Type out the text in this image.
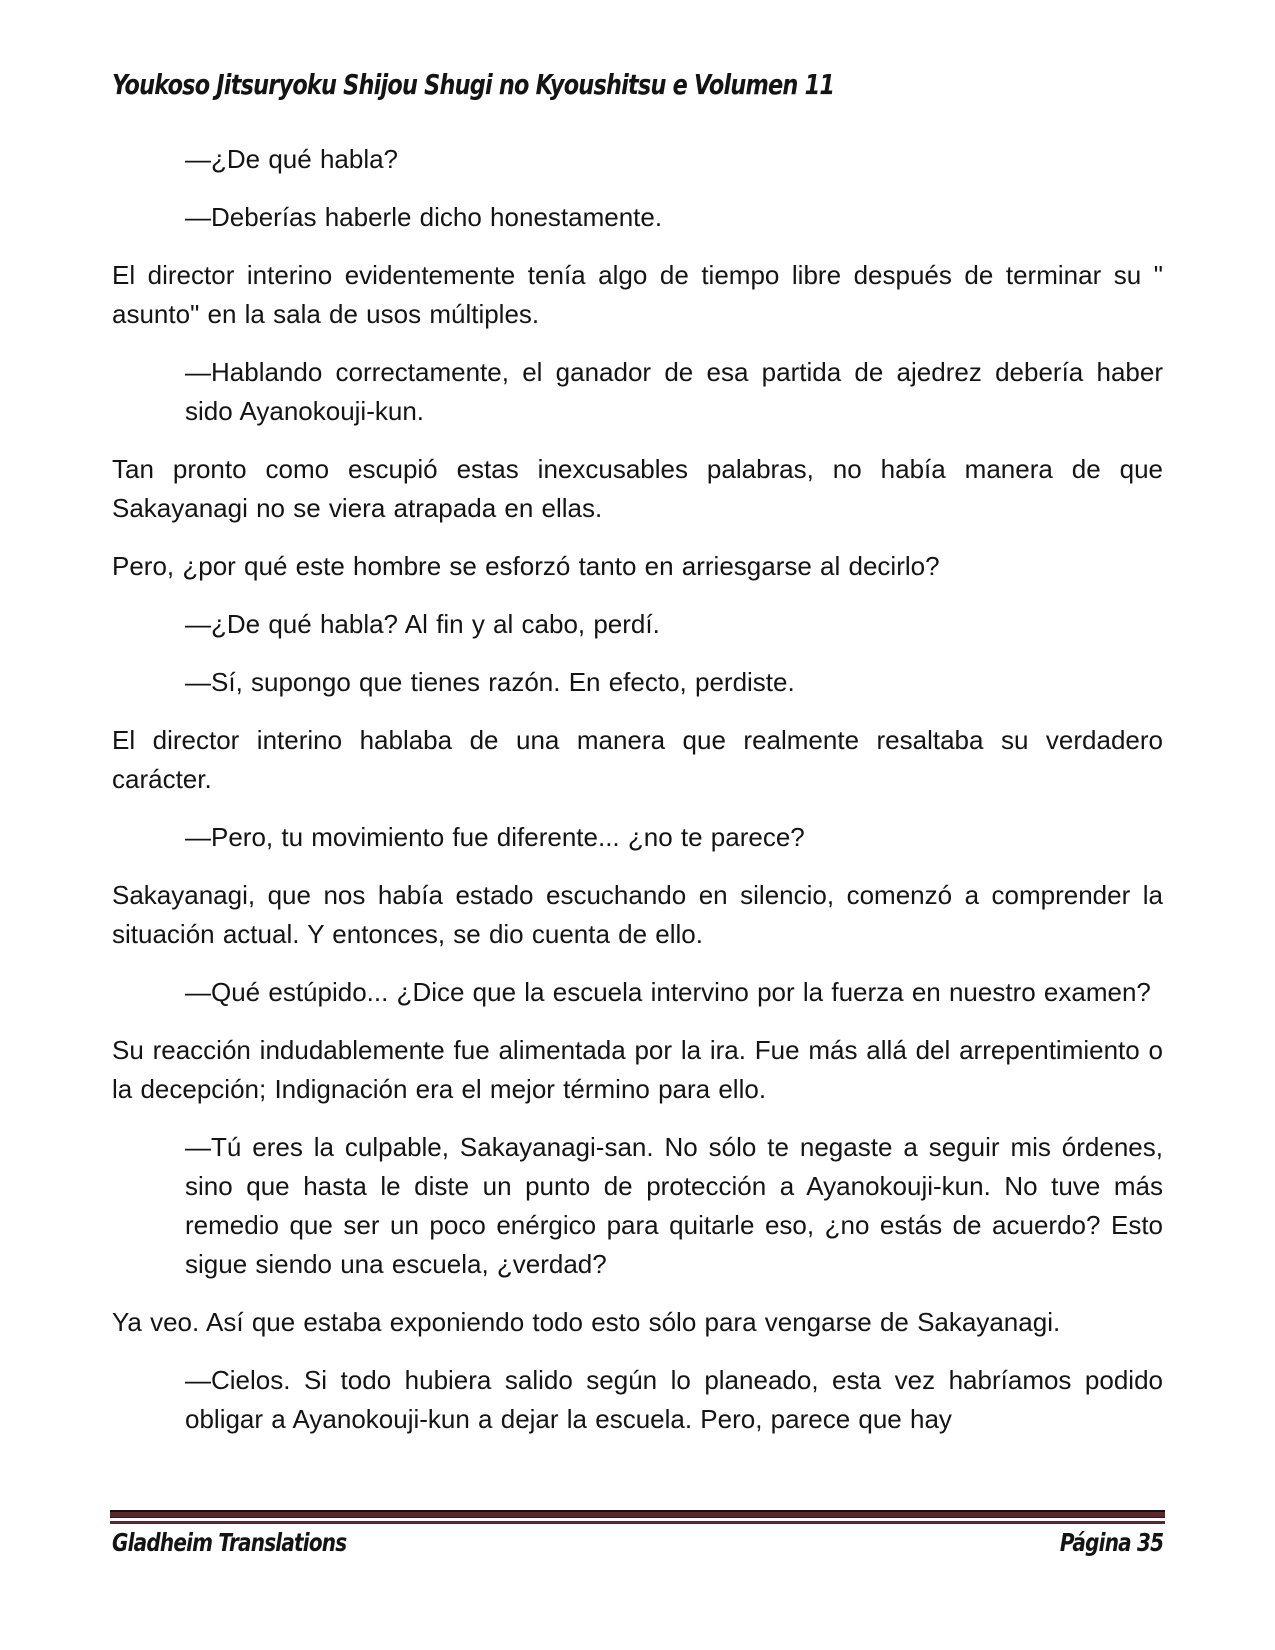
Youkoso Jitsuryoku Shijou Shugi no Kyoushitsu e Volumen 11

—¿De qué habla?

—Deberías haberle dicho honestamente.

El director interino evidentemente tenía algo de tiempo libre después de terminar su " asunto" en la sala de usos múltiples.

—Hablando correctamente, el ganador de esa partida de ajedrez debería haber sido Ayanokouji-kun.

Tan pronto como escupió estas inexcusables palabras, no había manera de que Sakayanagi no se viera atrapada en ellas.

Pero, ¿por qué este hombre se esforzó tanto en arriesgarse al decirlo?

—¿De qué habla? Al fin y al cabo, perdí.

—Sí, supongo que tienes razón. En efecto, perdiste.

El director interino hablaba de una manera que realmente resaltaba su verdadero carácter.

—Pero, tu movimiento fue diferente... ¿no te parece?

Sakayanagi, que nos había estado escuchando en silencio, comenzó a comprender la situación actual. Y entonces, se dio cuenta de ello.

—Qué estúpido... ¿Dice que la escuela intervino por la fuerza en nuestro examen?

Su reacción indudablemente fue alimentada por la ira. Fue más allá del arrepentimiento o la decepción; Indignación era el mejor término para ello.

—Tú eres la culpable, Sakayanagi-san. No sólo te negaste a seguir mis órdenes, sino que hasta le diste un punto de protección a Ayanokouji-kun. No tuve más remedio que ser un poco enérgico para quitarle eso, ¿no estás de acuerdo? Esto sigue siendo una escuela, ¿verdad?

Ya veo. Así que estaba exponiendo todo esto sólo para vengarse de Sakayanagi.

—Cielos. Si todo hubiera salido según lo planeado, esta vez habríamos podido obligar a Ayanokouji-kun a dejar la escuela. Pero, parece que hay

Gladheim Translations	Página 35
